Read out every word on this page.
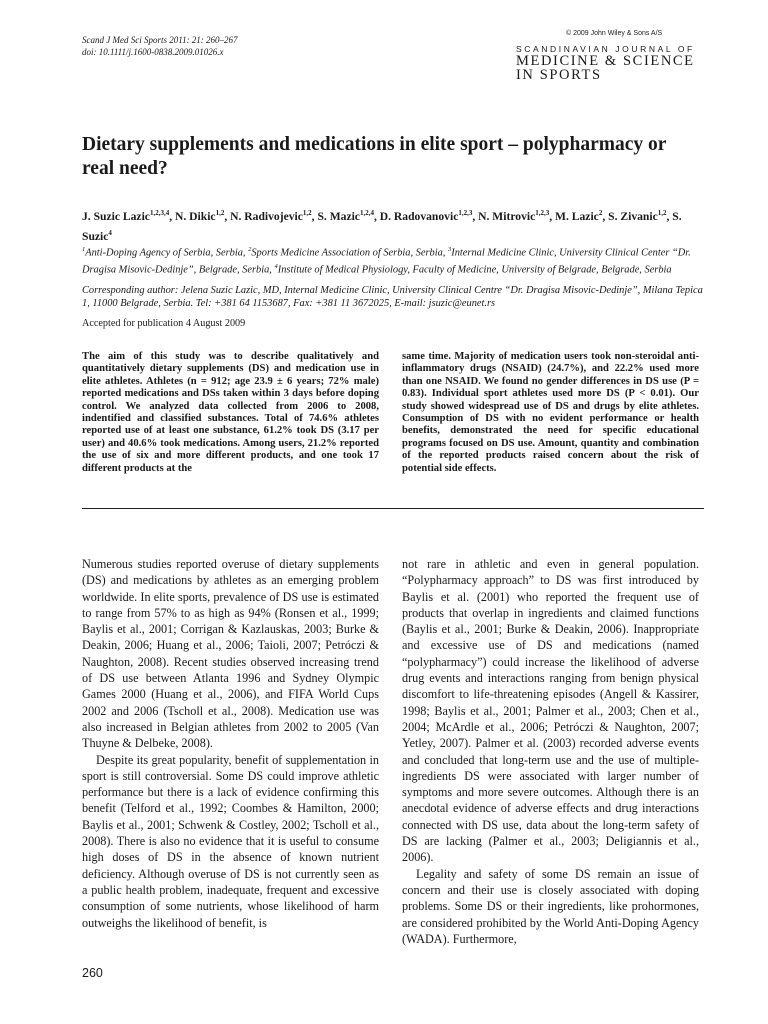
Scand J Med Sci Sports 2011: 21: 260–267
doi: 10.1111/j.1600-0838.2009.01026.x
© 2009 John Wiley & Sons A/S
SCANDINAVIAN JOURNAL OF
MEDICINE & SCIENCE
IN SPORTS
Dietary supplements and medications in elite sport – polypharmacy or real need?
J. Suzic Lazic$^{1,2,3,4}$, N. Dikic$^{1,2}$, N. Radivojevic$^{1,2}$, S. Mazic$^{1,2,4}$, D. Radovanovic$^{1,2,3}$, N. Mitrovic$^{1,2,3}$, M. Lazic$^2$, S. Zivanic$^{1,2}$, S. Suzic$^4$
$^1$Anti-Doping Agency of Serbia, Serbia, $^2$Sports Medicine Association of Serbia, Serbia, $^3$Internal Medicine Clinic, University Clinical Center “Dr. Dragisa Misovic-Dedinje”, Belgrade, Serbia, $^4$Institute of Medical Physiology, Faculty of Medicine, University of Belgrade, Belgrade, Serbia
Corresponding author: Jelena Suzic Lazic, MD, Internal Medicine Clinic, University Clinical Centre “Dr. Dragisa Misovic-Dedinje”, Milana Tepica 1, 11000 Belgrade, Serbia. Tel: +381 64 1153687, Fax: +381 11 3672025, E-mail: jsuzic@eunet.rs
Accepted for publication 4 August 2009
The aim of this study was to describe qualitatively and quantitatively dietary supplements (DS) and medication use in elite athletes. Athletes (n = 912; age 23.9 ± 6 years; 72% male) reported medications and DSs taken within 3 days before doping control. We analyzed data collected from 2006 to 2008, indentified and classified substances. Total of 74.6% athletes reported use of at least one substance, 61.2% took DS (3.17 per user) and 40.6% took medications. Among users, 21.2% reported the use of six and more different products, and one took 17 different products at the
same time. Majority of medication users took non-steroidal anti-inflammatory drugs (NSAID) (24.7%), and 22.2% used more than one NSAID. We found no gender differences in DS use (P = 0.83). Individual sport athletes used more DS (P < 0.01). Our study showed widespread use of DS and drugs by elite athletes. Consumption of DS with no evident performance or health benefits, demonstrated the need for specific educational programs focused on DS use. Amount, quantity and combination of the reported products raised concern about the risk of potential side effects.

Numerous studies reported overuse of dietary supplements (DS) and medications by athletes as an emerging problem worldwide. In elite sports, prevalence of DS use is estimated to range from 57% to as high as 94% (Ronsen et al., 1999; Baylis et al., 2001; Corrigan & Kazlauskas, 2003; Burke & Deakin, 2006; Huang et al., 2006; Taioli, 2007; Petróczi & Naughton, 2008). Recent studies observed increasing trend of DS use between Atlanta 1996 and Sydney Olympic Games 2000 (Huang et al., 2006), and FIFA World Cups 2002 and 2006 (Tscholl et al., 2008). Medication use was also increased in Belgian athletes from 2002 to 2005 (Van Thuyne & Delbeke, 2008).

Despite its great popularity, benefit of supplementation in sport is still controversial. Some DS could improve athletic performance but there is a lack of evidence confirming this benefit (Telford et al., 1992; Coombes & Hamilton, 2000; Baylis et al., 2001; Schwenk & Costley, 2002; Tscholl et al., 2008). There is also no evidence that it is useful to consume high doses of DS in the absence of known nutrient deficiency. Although overuse of DS is not currently seen as a public health problem, inadequate, frequent and excessive consumption of some nutrients, whose likelihood of harm outweighs the likelihood of benefit, is

not rare in athletic and even in general population. “Polypharmacy approach” to DS was first introduced by Baylis et al. (2001) who reported the frequent use of products that overlap in ingredients and claimed functions (Baylis et al., 2001; Burke & Deakin, 2006). Inappropriate and excessive use of DS and medications (named “polypharmacy”) could increase the likelihood of adverse drug events and interactions ranging from benign physical discomfort to life-threatening episodes (Angell & Kassirer, 1998; Baylis et al., 2001; Palmer et al., 2003; Chen et al., 2004; McArdle et al., 2006; Petróczi & Naughton, 2007; Yetley, 2007). Palmer et al. (2003) recorded adverse events and concluded that long-term use and the use of multiple-ingredients DS were associated with larger number of symptoms and more severe outcomes. Although there is an anecdotal evidence of adverse effects and drug interactions connected with DS use, data about the long-term safety of DS are lacking (Palmer et al., 2003; Deligiannis et al., 2006).

Legality and safety of some DS remain an issue of concern and their use is closely associated with doping problems. Some DS or their ingredients, like prohormones, are considered prohibited by the World Anti-Doping Agency (WADA). Furthermore,

260
